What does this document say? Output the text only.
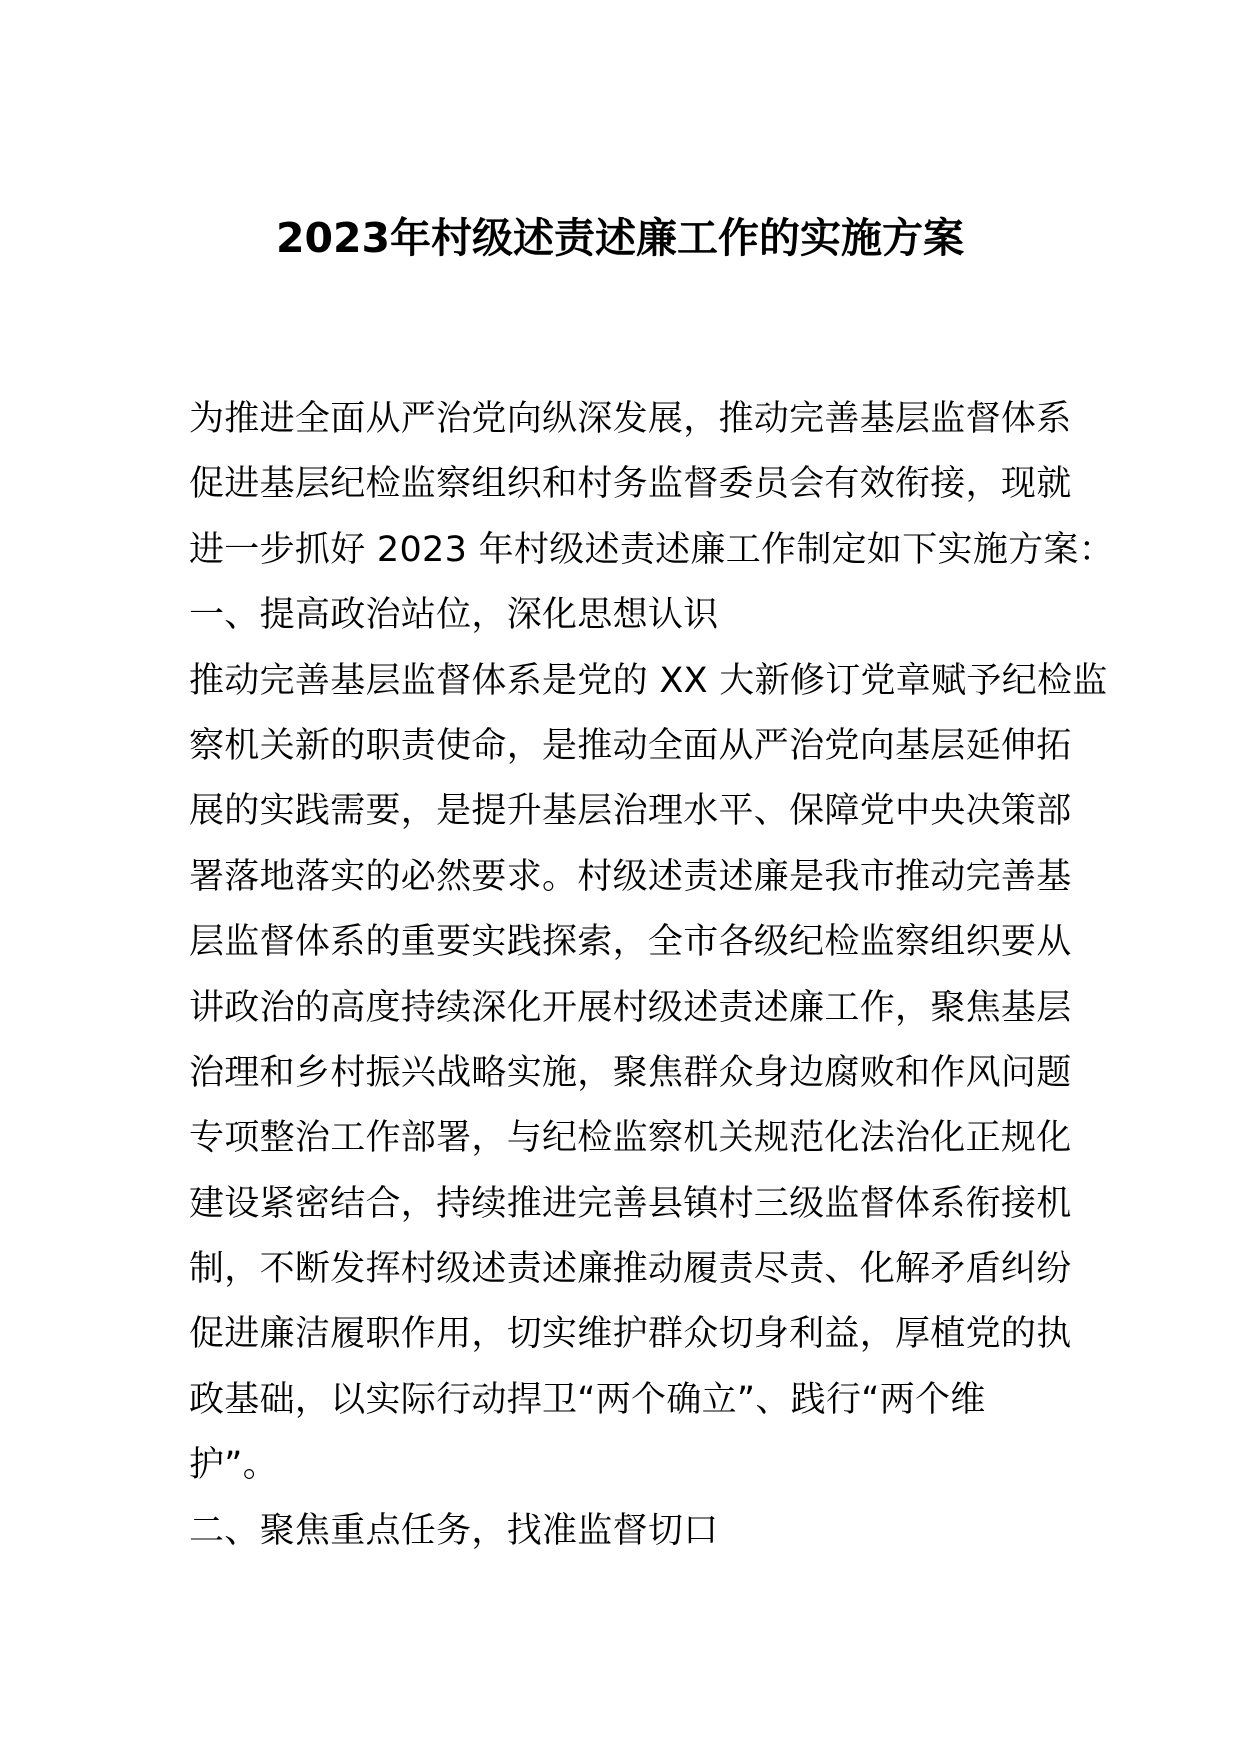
2023年村级述责述廉工作的实施方案
为推进全面从严治党向纵深发展，推动完善基层监督体系
促进基层纪检监察组织和村务监督委员会有效衔接，现就
进一步抓好 2023 年村级述责述廉工作制定如下实施方案：
一、提高政治站位，深化思想认识
推动完善基层监督体系是党的 XX 大新修订党章赋予纪检监
察机关新的职责使命，是推动全面从严治党向基层延伸拓
展的实践需要，是提升基层治理水平、保障党中央决策部
署落地落实的必然要求。村级述责述廉是我市推动完善基
层监督体系的重要实践探索，全市各级纪检监察组织要从
讲政治的高度持续深化开展村级述责述廉工作，聚焦基层
治理和乡村振兴战略实施，聚焦群众身边腐败和作风问题
专项整治工作部署，与纪检监察机关规范化法治化正规化
建设紧密结合，持续推进完善县镇村三级监督体系衔接机
制，不断发挥村级述责述廉推动履责尽责、化解矛盾纠纷
促进廉洁履职作用，切实维护群众切身利益，厚植党的执
政基础，以实际行动捍卫“两个确立”、践行“两个维
护”。
二、聚焦重点任务，找准监督切口
